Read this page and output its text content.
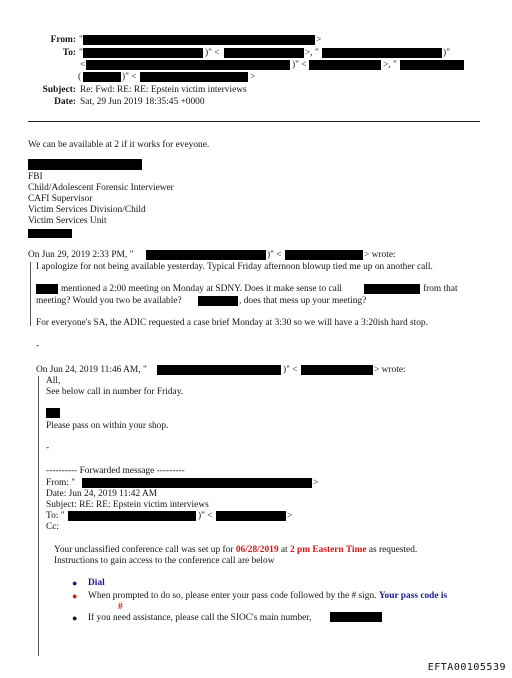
From: "	>
To: "	)" <	>, "	)"
<	)" <	>, "
(	)" <	>
Subject: Re: Fwd: RE: RE: Epstein victim interviews
Date: Sat, 29 Jun 2019 18:35:45 +0000
We can be available at 2 if it works for eveyone.
FBI
Child/Adolescent Forensic Interviewer
CAFI Supervisor
Victim Services Division/Child
Victim Services Unit
On Jun 29, 2019 2:33 PM, "	)" <	> wrote:
I apologize for not being available yesterday. Typical Friday afternoon blowup tied me up on another call.
mentioned a 2:00 meeting on Monday at SDNY. Does it make sense to call	from that
meeting? Would you two be available?	, does that mess up your meeting?
For everyone's SA, the ADIC requested a case brief Monday at 3:30 so we will have a 3:20ish hard stop.
-
On Jun 24, 2019 11:46 AM, "	)" <	> wrote:
All,
See below call in number for Friday.
Please pass on within your shop.
-
---------- Forwarded message ---------
From: "	>
Date: Jun 24, 2019 11:42 AM
Subject: RE: RE: Epstein victim interviews
To: "	)" <	>
Cc:
Your unclassified conference call was set up for 06/28/2019 at 2 pm Eastern Time as requested.
Instructions to gain access to the conference call are below
● Dial
● When prompted to do so, please enter your pass code followed by the # sign. Your pass code is
#
● If you need assistance, please call the SIOC's main number,
EFTA00105539
